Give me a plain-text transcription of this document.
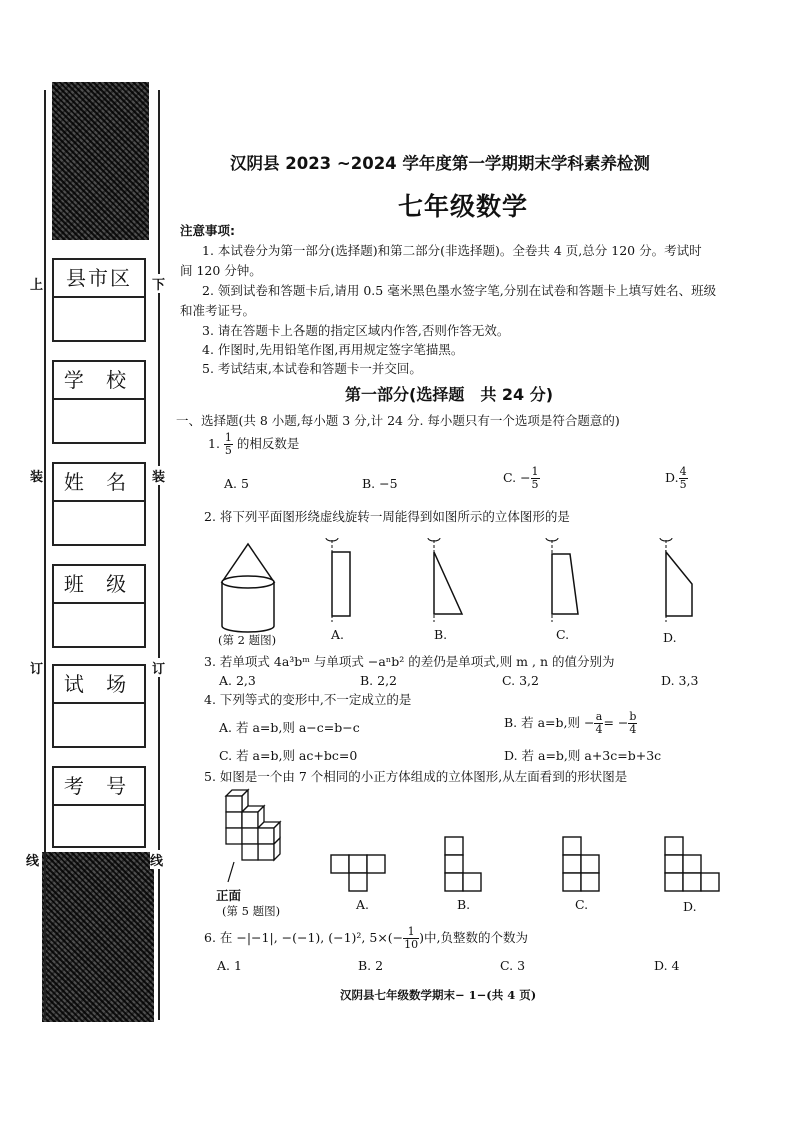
上	下
装	装
订	订
线	线
县市区
学 校
姓 名
班 级
试 场
考 号
汉阴县 2023 ~2024 学年度第一学期期末学科素养检测
七年级数学
注意事项:
1. 本试卷分为第一部分(选择题)和第二部分(非选择题)。全卷共 4 页,总分 120 分。考试时
间 120 分钟。
2. 领到试卷和答题卡后,请用 0.5 毫米黑色墨水签字笔,分别在试卷和答题卡上填写姓名、班级
和准考证号。
3. 请在答题卡上各题的指定区域内作答,否则作答无效。
4. 作图时,先用铅笔作图,再用规定签字笔描黑。
5. 考试结束,本试卷和答题卡一并交回。
第一部分(选择题　共 24 分)
一、选择题(共 8 小题,每小题 3 分,计 24 分. 每小题只有一个选项是符合题意的)
1. $\frac{1}{5}$ 的相反数是
A. 5	B. −5	C. − $\frac{1}{5}$	D. $\frac{4}{5}$
2. 将下列平面图形绕虚线旋转一周能得到如图所示的立体图形的是
(第 2 题图)	A.	B.	C.	D.
3. 若单项式 4a³bᵐ 与单项式 −aⁿb² 的差仍是单项式,则 m , n 的值分别为
A. 2,3	B. 2,2	C. 3,2	D. 3,3
4. 下列等式的变形中,不一定成立的是
A. 若 a=b,则 a−c=b−c	B. 若 a=b,则 − $\frac{a}{4}$ = − $\frac{b}{4}$
C. 若 a=b,则 ac+bc=0	D. 若 a=b,则 a+3c=b+3c
5. 如图是一个由 7 个相同的小正方体组成的立体图形,从左面看到的形状图是
正面
(第 5 题图)	A.	B.	C.	D.
6. 在 −|−1|, −(−1), (−1)², $5\times(- \frac{1}{10}$ )中,负整数的个数为
A. 1	B. 2	C. 3	D. 4
汉阴县七年级数学期末− 1−(共 4 页)
